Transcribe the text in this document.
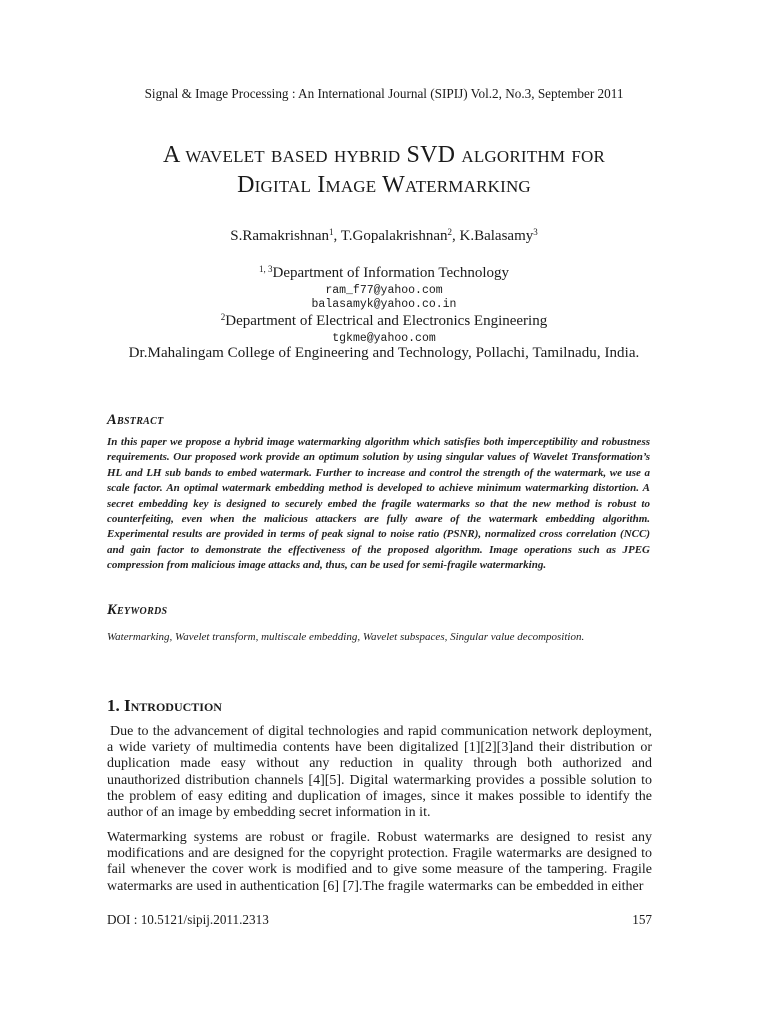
Signal & Image Processing : An International Journal (SIPIJ) Vol.2, No.3, September 2011
A wavelet based hybrid SVD algorithm for
Digital Image Watermarking
S.Ramakrishnan$^1$, T.Gopalakrishnan$^2$, K.Balasamy$^3$
$^{1, 3}$Department of Information Technology
ram_f77@yahoo.com
balasamyk@yahoo.co.in
$^2$Department of Electrical and Electronics Engineering
tgkme@yahoo.com
Dr.Mahalingam College of Engineering and Technology, Pollachi, Tamilnadu, India.
Abstract
In this paper we propose a hybrid image watermarking algorithm which satisfies both imperceptibility and robustness requirements. Our proposed work provide an optimum solution by using singular values of Wavelet Transformation’s HL and LH sub bands to embed watermark. Further to increase and control the strength of the watermark, we use a scale factor. An optimal watermark embedding method is developed to achieve minimum watermarking distortion. A secret embedding key is designed to securely embed the fragile watermarks so that the new method is robust to counterfeiting, even when the malicious attackers are fully aware of the watermark embedding algorithm. Experimental results are provided in terms of peak signal to noise ratio (PSNR), normalized cross correlation (NCC) and gain factor to demonstrate the effectiveness of the proposed algorithm. Image operations such as JPEG compression from malicious image attacks and, thus, can be used for semi-fragile watermarking.
Keywords
Watermarking, Wavelet transform, multiscale embedding, Wavelet subspaces, Singular value decomposition.
1. Introduction
Due to the advancement of digital technologies and rapid communication network deployment, a wide variety of multimedia contents have been digitalized [1][2][3]and their distribution or duplication made easy without any reduction in quality through both authorized and unauthorized distribution channels [4][5]. Digital watermarking provides a possible solution to the problem of easy editing and duplication of images, since it makes possible to identify the author of an image by embedding secret information in it.
Watermarking systems are robust or fragile. Robust watermarks are designed to resist any modifications and are designed for the copyright protection. Fragile watermarks are designed to fail whenever the cover work is modified and to give some measure of the tampering. Fragile watermarks are used in authentication [6] [7].The fragile watermarks can be embedded in either
DOI : 10.5121/sipij.2011.2313	157
